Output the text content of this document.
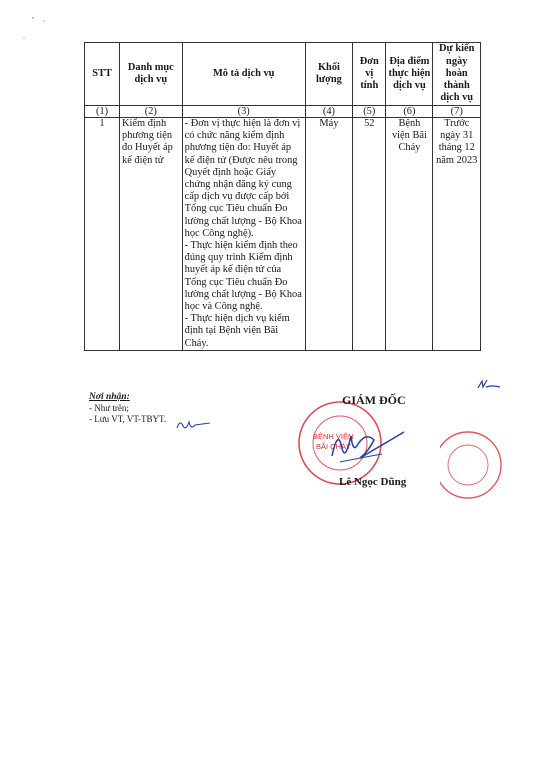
STT	Danh mục dịch vụ	Mô tả dịch vụ	Khối lượng	Đơn vị tính	Địa điểm thực hiện dịch vụ	Dự kiến ngày hoàn thành dịch vụ
(1)	(2)	(3)	(4)	(5)	(6)	(7)
1	Kiểm định phương tiện đo Huyết áp kế điện tử	- Đơn vị thực hiện là đơn vị có chức năng kiểm định phương tiện đo: Huyết áp kế điện tử (Được nêu trong Quyết định hoặc Giấy chứng nhận đăng ký cung cấp dịch vụ được cấp bởi Tổng cục Tiêu chuẩn Đo lường chất lượng - Bộ Khoa học Công nghệ).
- Thực hiện kiểm định theo đúng quy trình Kiểm định huyết áp kế điện tử của Tổng cục Tiêu chuẩn Đo lường chất lượng - Bộ Khoa học và Công nghệ.
- Thực hiện dịch vụ kiểm định tại Bệnh viện Bãi Cháy.	Máy	52	Bệnh viện Bãi Cháy	Trước ngày 31 tháng 12 năm 2023
Nơi nhận:
- Như trên;
- Lưu VT, VT-TBYT.
BỆNH VIỆN
BÃI CHÁY
GIÁM ĐỐC
Lê Ngọc Dũng
